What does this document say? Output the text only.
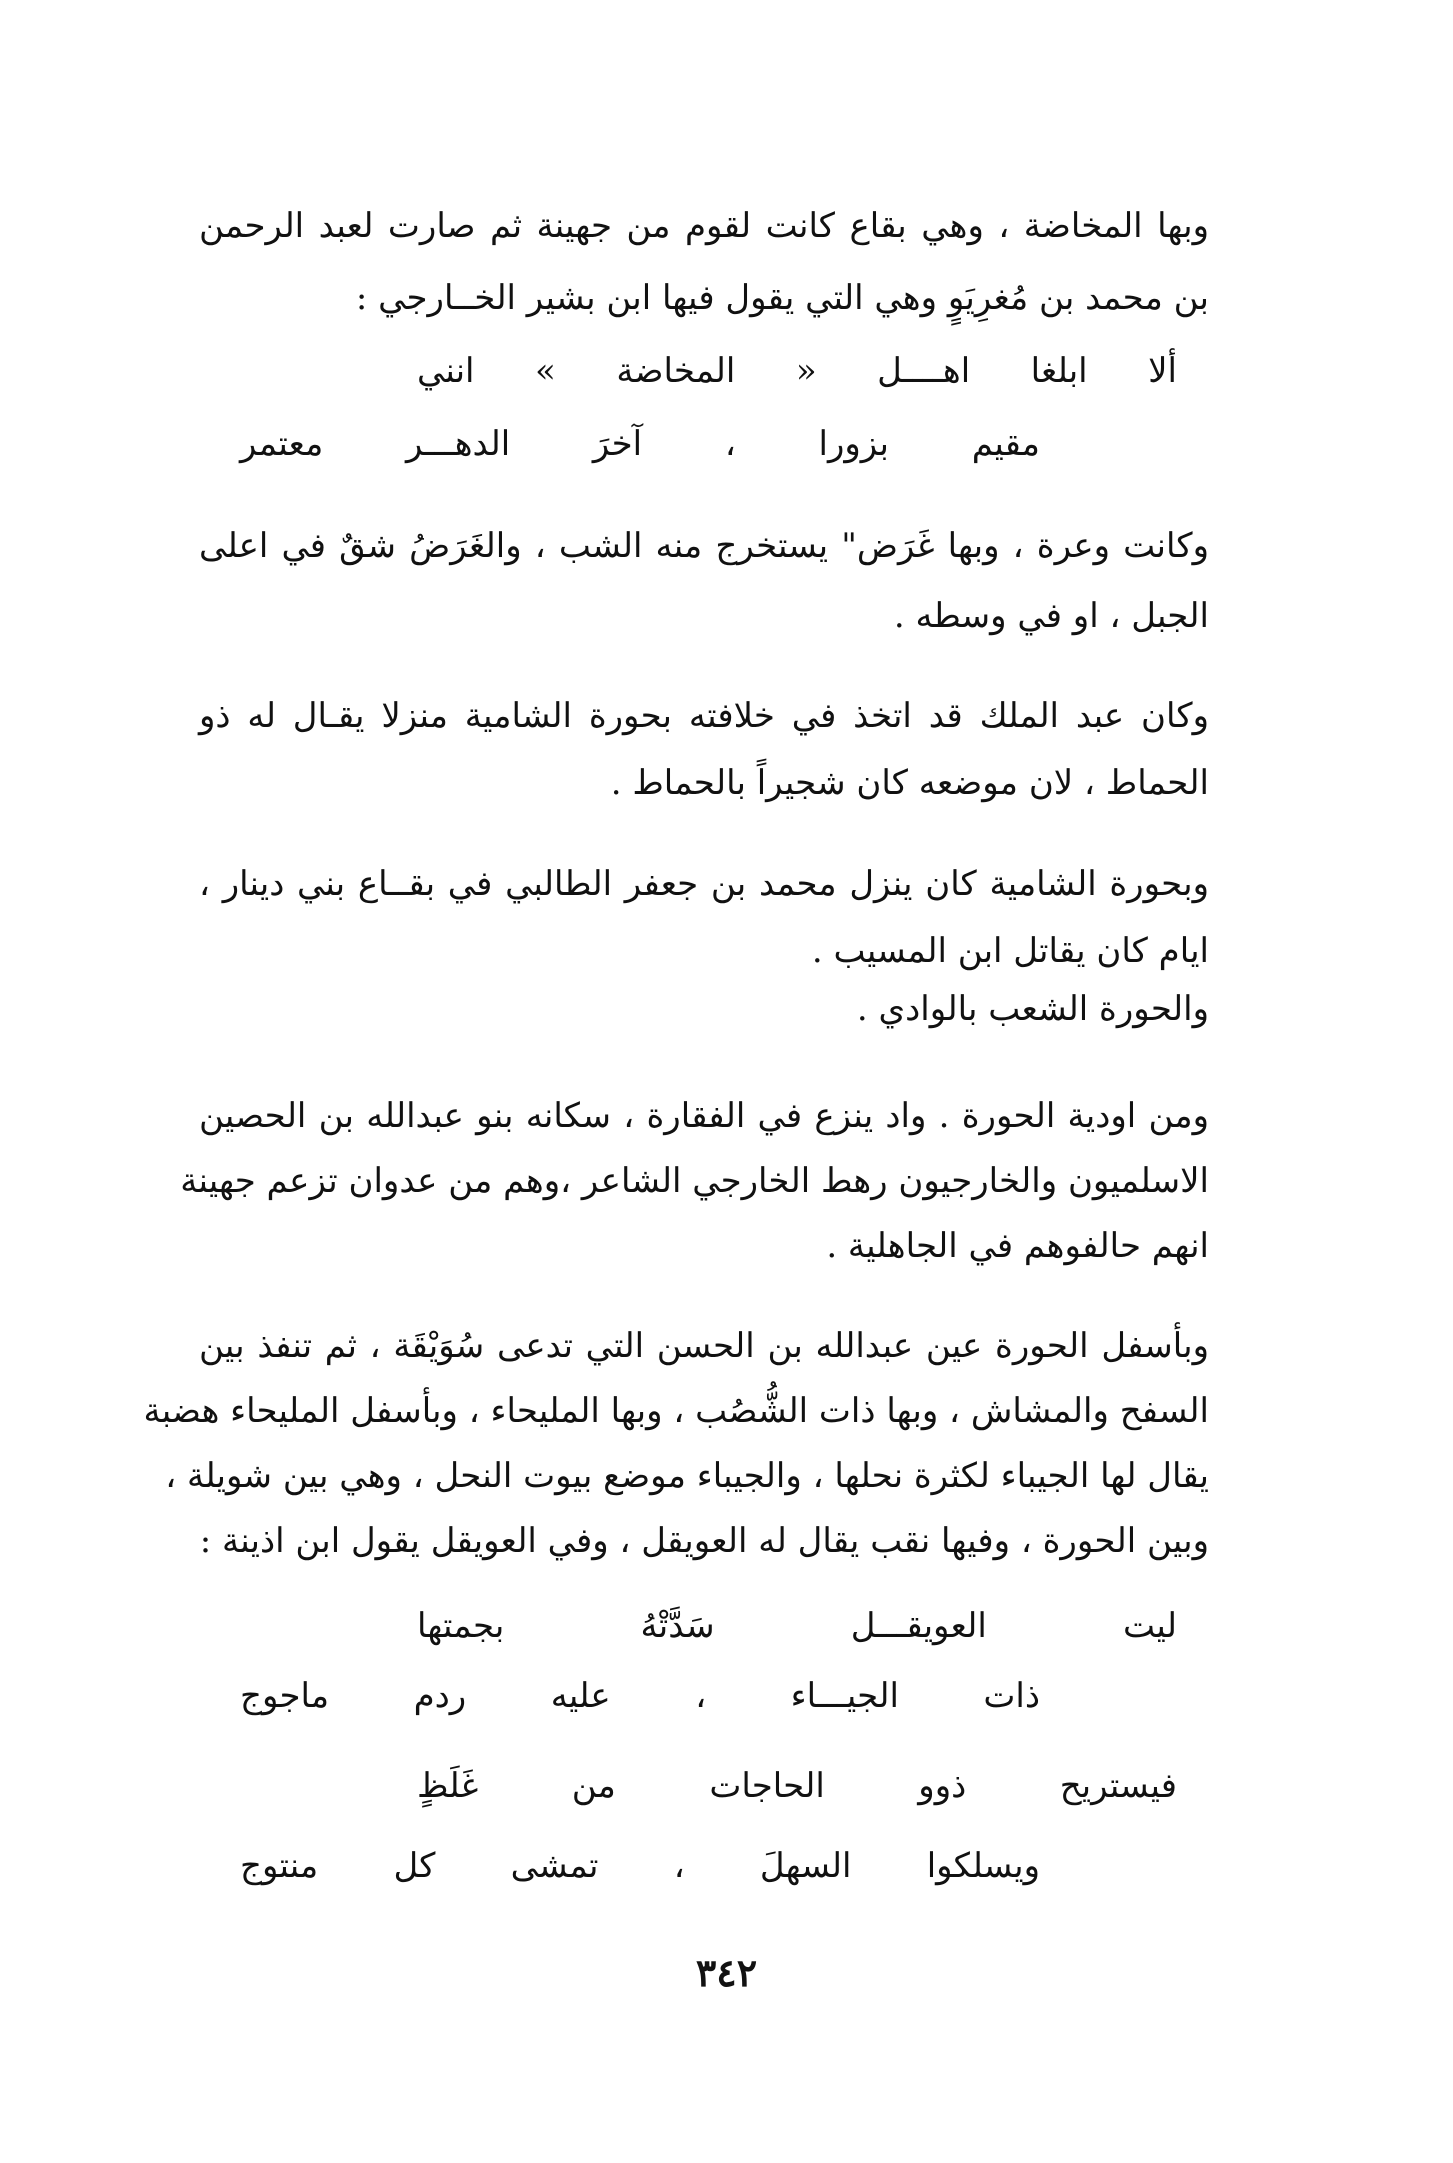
وبها المخاضة ، وهي بقاع كانت لقوم من جهينة ثم صارت لعبد الرحمن
بن محمد بن مُغرِيَوٍ وهي التي يقول فيها ابن بشير الخــارجي :
ألا ابلغا اهــــل « المخاضة » انني
مقيم بزورا ، آخرَ الدهـــر معتمر
وكانت وعرة ، وبها غَرَض" يستخرج منه الشب ، والغَرَضُ شقٌ في اعلى
الجبل ، او في وسطه .
وكان عبد الملك قد اتخذ في خلافته بحورة الشامية منزلا يقـال له ذو
الحماط ، لان موضعه كان شجيراً بالحماط .
وبحورة الشامية كان ينزل محمد بن جعفر الطالبي في بقــاع بني دينار ،
ايام كان يقاتل ابن المسيب .
والحورة الشعب بالوادي .
ومن اودية الحورة . واد ينزع في الفقارة ، سكانه بنو عبدالله بن الحصين
الاسلميون والخارجيون رهط الخارجي الشاعر ،وهم من عدوان تزعم جهينة
انهم حالفوهم في الجاهلية .
وبأسفل الحورة عين عبدالله بن الحسن التي تدعى سُوَيْقَة ، ثم تنفذ بين
السفح والمشاش ، وبها ذات الشُّصُب ، وبها المليحاء ، وبأسفل المليحاء هضبة
يقال لها الجيباء لكثرة نحلها ، والجيباء موضع بيوت النحل ، وهي بين شويلة ،
وبين الحورة ، وفيها نقب يقال له العويقل ، وفي العويقل يقول ابن اذينة :
ليت العويقـــل سَدَّتْهُ بجمتها
ذات الجيـــاء ، عليه ردم ماجوج
فيستريح ذوو الحاجات من غَلَظٍ
ويسلكوا السهلَ ، تمشى كل منتوج
٣٤٢
